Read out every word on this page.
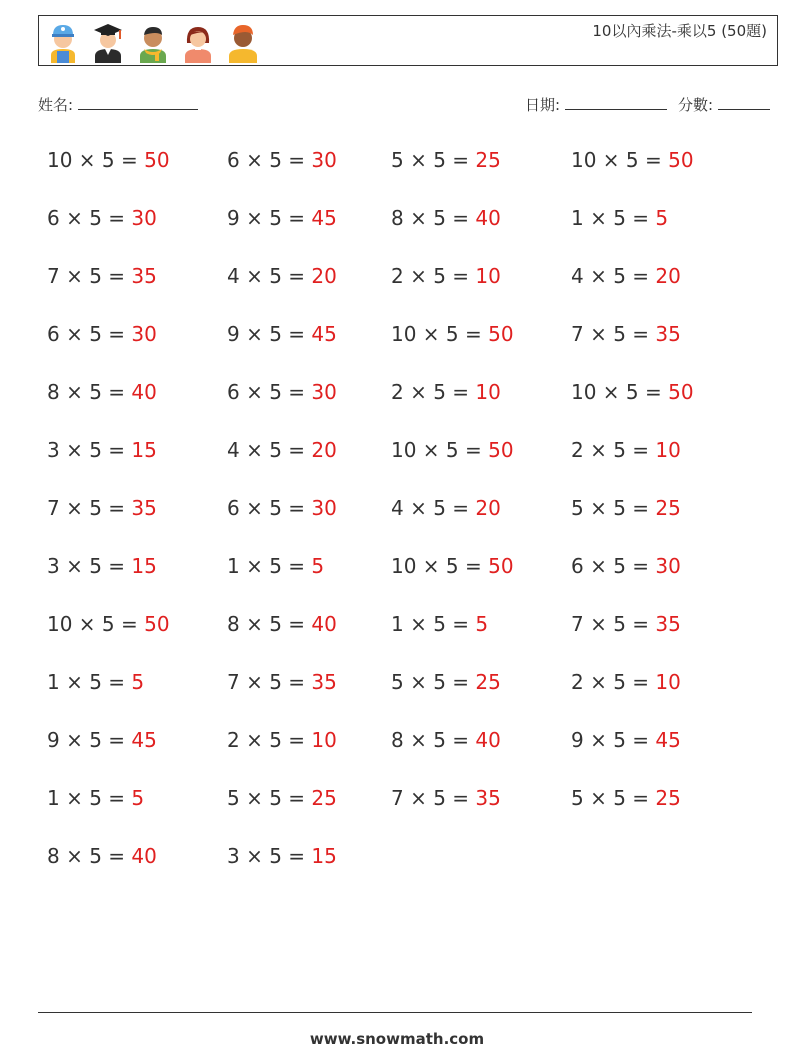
10以內乘法-乘以5 (50題)
姓名:	日期:	分數:
10 × 5 = 50	6 × 5 = 30	5 × 5 = 25	10 × 5 = 50
6 × 5 = 30	9 × 5 = 45	8 × 5 = 40	1 × 5 = 5
7 × 5 = 35	4 × 5 = 20	2 × 5 = 10	4 × 5 = 20
6 × 5 = 30	9 × 5 = 45	10 × 5 = 50	7 × 5 = 35
8 × 5 = 40	6 × 5 = 30	2 × 5 = 10	10 × 5 = 50
3 × 5 = 15	4 × 5 = 20	10 × 5 = 50	2 × 5 = 10
7 × 5 = 35	6 × 5 = 30	4 × 5 = 20	5 × 5 = 25
3 × 5 = 15	1 × 5 = 5	10 × 5 = 50	6 × 5 = 30
10 × 5 = 50	8 × 5 = 40	1 × 5 = 5	7 × 5 = 35
1 × 5 = 5	7 × 5 = 35	5 × 5 = 25	2 × 5 = 10
9 × 5 = 45	2 × 5 = 10	8 × 5 = 40	9 × 5 = 45
1 × 5 = 5	5 × 5 = 25	7 × 5 = 35	5 × 5 = 25
8 × 5 = 40	3 × 5 = 15
www.snowmath.com
